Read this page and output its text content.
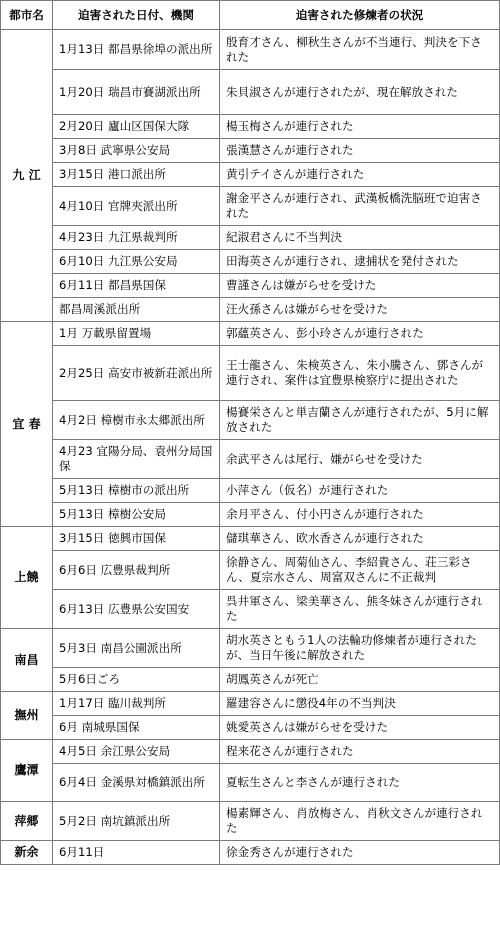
都市名	迫害された日付、機関	迫害された修煉者の状況
九 江	1月13日 都昌県徐埠の派出所	殷育才さん、柳秋生さんが不当連行、判決を下された
	1月20日 瑞昌市賽湖派出所	朱貝淑さんが連行されたが、現在解放された
	2月20日 廬山区国保大隊	楊玉梅さんが連行された
	3月8日 武寧県公安局	張漢慧さんが連行された
	3月15日 港口派出所	黄引テイさんが連行された
	4月10日 官牌夾派出所	謝金平さんが連行され、武漢板橋洗脳班で迫害された
	4月23日 九江県裁判所	紀淑君さんに不当判決
	6月10日 九江県公安局	田海英さんが連行され、逮捕状を発付された
	6月11日 都昌県国保	曹謹さんは嫌がらせを受けた
	都昌周溪派出所	汪火孫さんは嫌がらせを受けた
宜 春	1月 万載県留置場	郭蘊英さん、彭小玲さんが連行された
	2月25日 高安市被新荘派出所	王士龍さん、朱検英さん、朱小騰さん、鄧さんが連行され、案件は宜豊県検察庁に提出された
	4月2日 樟樹市永太郷派出所	楊賽栄さんと単吉蘭さんが連行されたが、5月に解放された
	4月23 宜陽分局、袁州分局国保	余武平さんは尾行、嫌がらせを受けた
	5月13日 樟樹市の派出所	小萍さん（仮名）が連行された
	5月13日 樟樹公安局	余月平さん、付小円さんが連行された
上饒	3月15日 徳興市国保	儲琪華さん、欧水香さんが連行された
	6月6日 広豊県裁判所	徐静さん、周菊仙さん、李紹貴さん、荘三彩さん、夏宗水さん、周富双さんに不正裁判
	6月13日 広豊県公安国安	呉井軍さん、梁美華さん、熊冬妹さんが連行された
南昌	5月3日 南昌公園派出所	胡水英さともう1人の法輪功修煉者が連行されたが、当日午後に解放された
	5月6日ごろ	胡鳳英さんが死亡
撫州	1月17日 臨川裁判所	羅建容さんに懲役4年の不当判決
	6月 南城県国保	姚愛英さんは嫌がらせを受けた
鷹潭	4月5日 余江県公安局	程来花さんが連行された
	6月4日 金溪県対橋鎮派出所	夏転生さんと李さんが連行された
萍郷	5月2日 南坑鎮派出所	楊素輝さん、肖放梅さん、肖秋文さんが連行された
新余	6月11日	徐金秀さんが連行された
